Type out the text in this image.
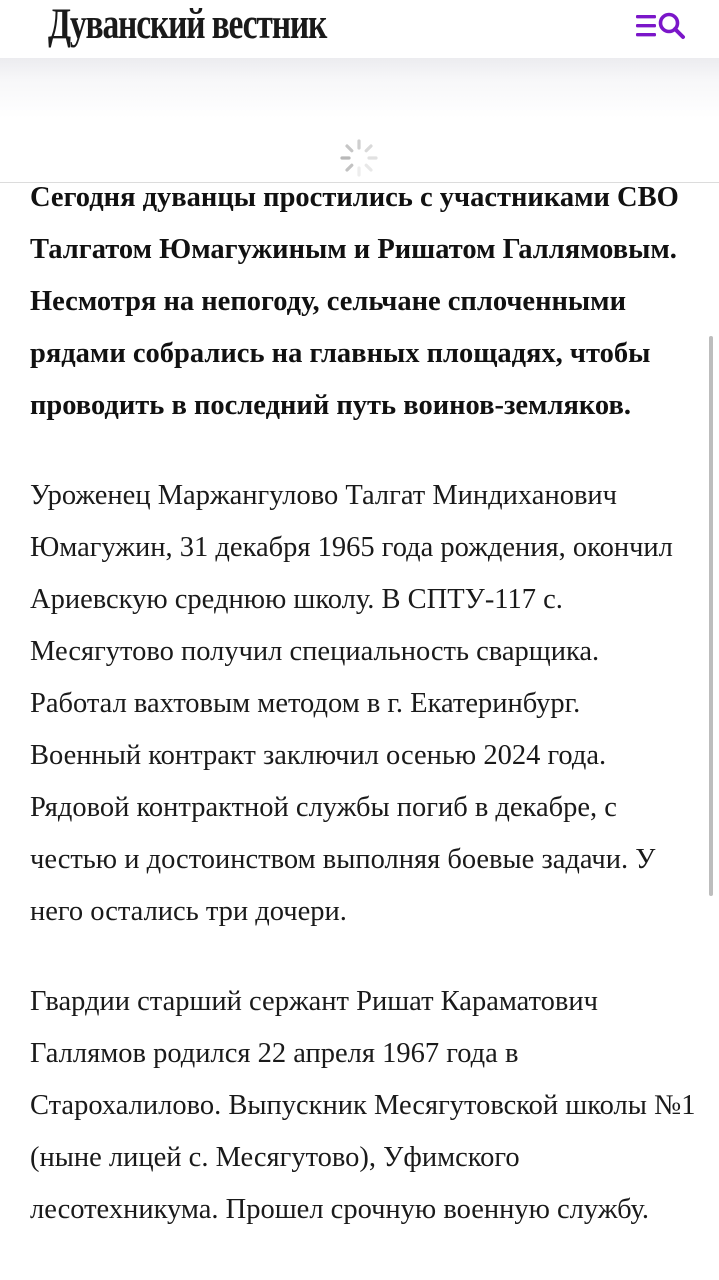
Дуванский вестник

Сегодня дуванцы простились с участниками СВО Талгатом Юмагужиным и Ришатом Галлямовым. Несмотря на непогоду, сельчане сплоченными рядами собрались на главных площадях, чтобы проводить в последний путь воинов-земляков.

Уроженец Маржангулово Талгат Миндиханович Юмагужин, 31 декабря 1965 года рождения, окончил Ариевскую среднюю школу. В СПТУ-117 с. Месягутово получил специальность сварщика. Работал вахтовым методом в г. Екатеринбург. Военный контракт заключил осенью 2024 года. Рядовой контрактной службы погиб в декабре, с честью и достоинством выполняя боевые задачи. У него остались три дочери.

Гвардии старший сержант Ришат Караматович Галлямов родился 22 апреля 1967 года в Старохалилово. Выпускник Месягутовской школы №1 (ныне лицей с. Месягутово), Уфимского лесотехникума. Прошел срочную военную службу.
